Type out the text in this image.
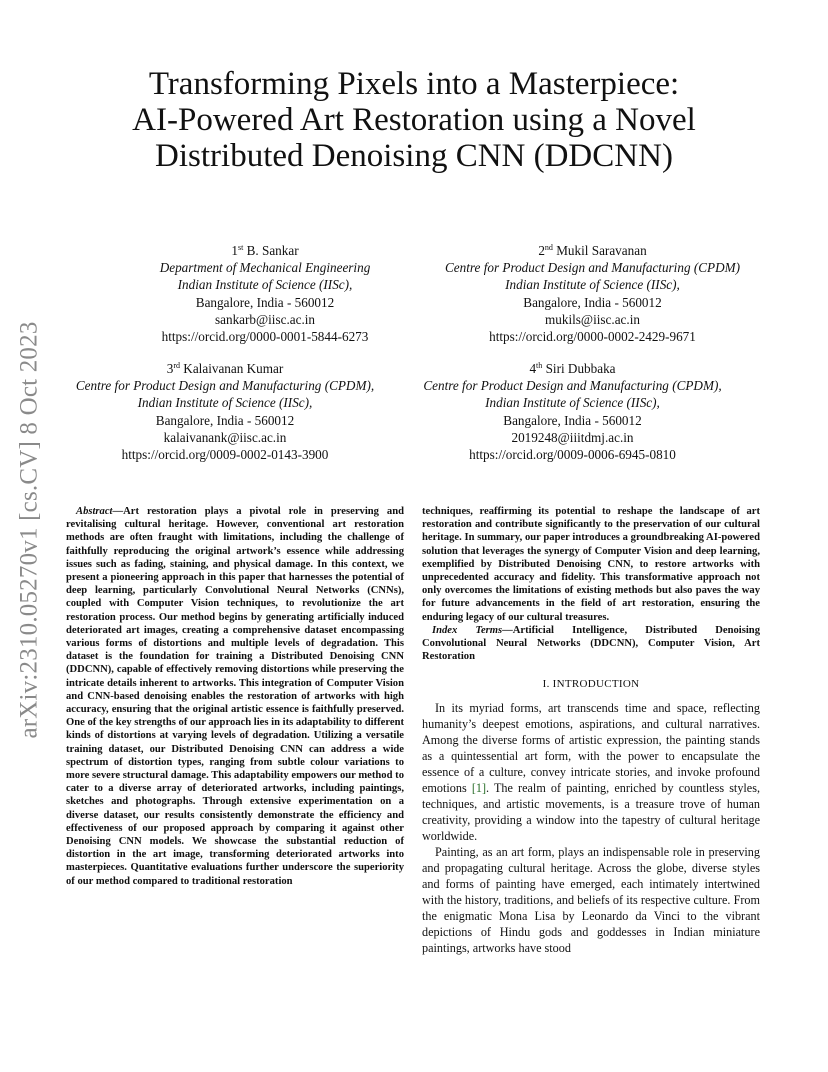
arXiv:2310.05270v1 [cs.CV] 8 Oct 2023
Transforming Pixels into a Masterpiece:
AI-Powered Art Restoration using a Novel
Distributed Denoising CNN (DDCNN)
1st B. Sankar
Department of Mechanical Engineering
Indian Institute of Science (IISc),
Bangalore, India - 560012
sankarb@iisc.ac.in
https://orcid.org/0000-0001-5844-6273
2nd Mukil Saravanan
Centre for Product Design and Manufacturing (CPDM)
Indian Institute of Science (IISc),
Bangalore, India - 560012
mukils@iisc.ac.in
https://orcid.org/0000-0002-2429-9671
3rd Kalaivanan Kumar
Centre for Product Design and Manufacturing (CPDM),
Indian Institute of Science (IISc),
Bangalore, India - 560012
kalaivanank@iisc.ac.in
https://orcid.org/0009-0002-0143-3900
4th Siri Dubbaka
Centre for Product Design and Manufacturing (CPDM),
Indian Institute of Science (IISc),
Bangalore, India - 560012
2019248@iiitdmj.ac.in
https://orcid.org/0009-0006-6945-0810

Abstract—Art restoration plays a pivotal role in preserving and revitalising cultural heritage. However, conventional art restoration methods are often fraught with limitations, including the challenge of faithfully reproducing the original artwork’s essence while addressing issues such as fading, staining, and physical damage. In this context, we present a pioneering approach in this paper that harnesses the potential of deep learning, particularly Convolutional Neural Networks (CNNs), coupled with Computer Vision techniques, to revolutionize the art restoration process. Our method begins by generating artificially induced deteriorated art images, creating a comprehensive dataset encompassing various forms of distortions and multiple levels of degradation. This dataset is the foundation for training a Distributed Denoising CNN (DDCNN), capable of effectively removing distortions while preserving the intricate details inherent to artworks. This integration of Computer Vision and CNN-based denoising enables the restoration of artworks with high accuracy, ensuring that the original artistic essence is faithfully preserved. One of the key strengths of our approach lies in its adaptability to different kinds of distortions at varying levels of degradation. Utilizing a versatile training dataset, our Distributed Denoising CNN can address a wide spectrum of distortion types, ranging from subtle colour variations to more severe structural damage. This adaptability empowers our method to cater to a diverse array of deteriorated artworks, including paintings, sketches and photographs. Through extensive experimentation on a diverse dataset, our results consistently demonstrate the efficiency and effectiveness of our proposed approach by comparing it against other Denoising CNN models. We showcase the substantial reduction of distortion in the art image, transforming deteriorated artworks into masterpieces. Quantitative evaluations further underscore the superiority of our method compared to traditional restoration

techniques, reaffirming its potential to reshape the landscape of art restoration and contribute significantly to the preservation of our cultural heritage. In summary, our paper introduces a groundbreaking AI-powered solution that leverages the synergy of Computer Vision and deep learning, exemplified by Distributed Denoising CNN, to restore artworks with unprecedented accuracy and fidelity. This transformative approach not only overcomes the limitations of existing methods but also paves the way for future advancements in the field of art restoration, ensuring the enduring legacy of our cultural treasures.

Index Terms—Artificial Intelligence, Distributed Denoising Convolutional Neural Networks (DDCNN), Computer Vision, Art Restoration

I. INTRODUCTION

In its myriad forms, art transcends time and space, reflecting humanity’s deepest emotions, aspirations, and cultural narratives. Among the diverse forms of artistic expression, the painting stands as a quintessential art form, with the power to encapsulate the essence of a culture, convey intricate stories, and invoke profound emotions [1]. The realm of painting, enriched by countless styles, techniques, and artistic movements, is a treasure trove of human creativity, providing a window into the tapestry of cultural heritage worldwide.

Painting, as an art form, plays an indispensable role in preserving and propagating cultural heritage. Across the globe, diverse styles and forms of painting have emerged, each intimately intertwined with the history, traditions, and beliefs of its respective culture. From the enigmatic Mona Lisa by Leonardo da Vinci to the vibrant depictions of Hindu gods and goddesses in Indian miniature paintings, artworks have stood
